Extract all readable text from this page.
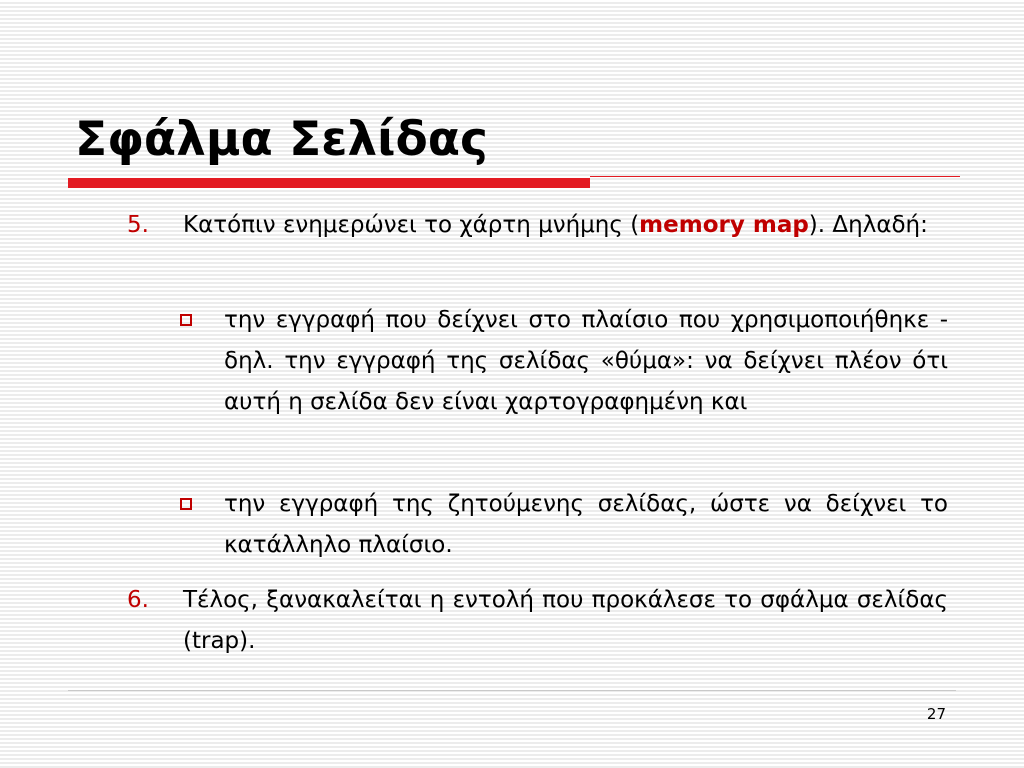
Σφάλμα Σελίδας
5. Κατόπιν ενημερώνει το χάρτη μνήμης (memory map). Δηλαδή:
την εγγραφή που δείχνει στο πλαίσιο που χρησιμοποιήθηκε - δηλ. την εγγραφή της σελίδας «θύμα»: να δείχνει πλέον ότι αυτή η σελίδα δεν είναι χαρτογραφημένη και
την εγγραφή της ζητούμενης σελίδας, ώστε να δείχνει το κατάλληλο πλαίσιο.
6. Τέλος, ξανακαλείται η εντολή που προκάλεσε το σφάλμα σελίδας (trap).
27
